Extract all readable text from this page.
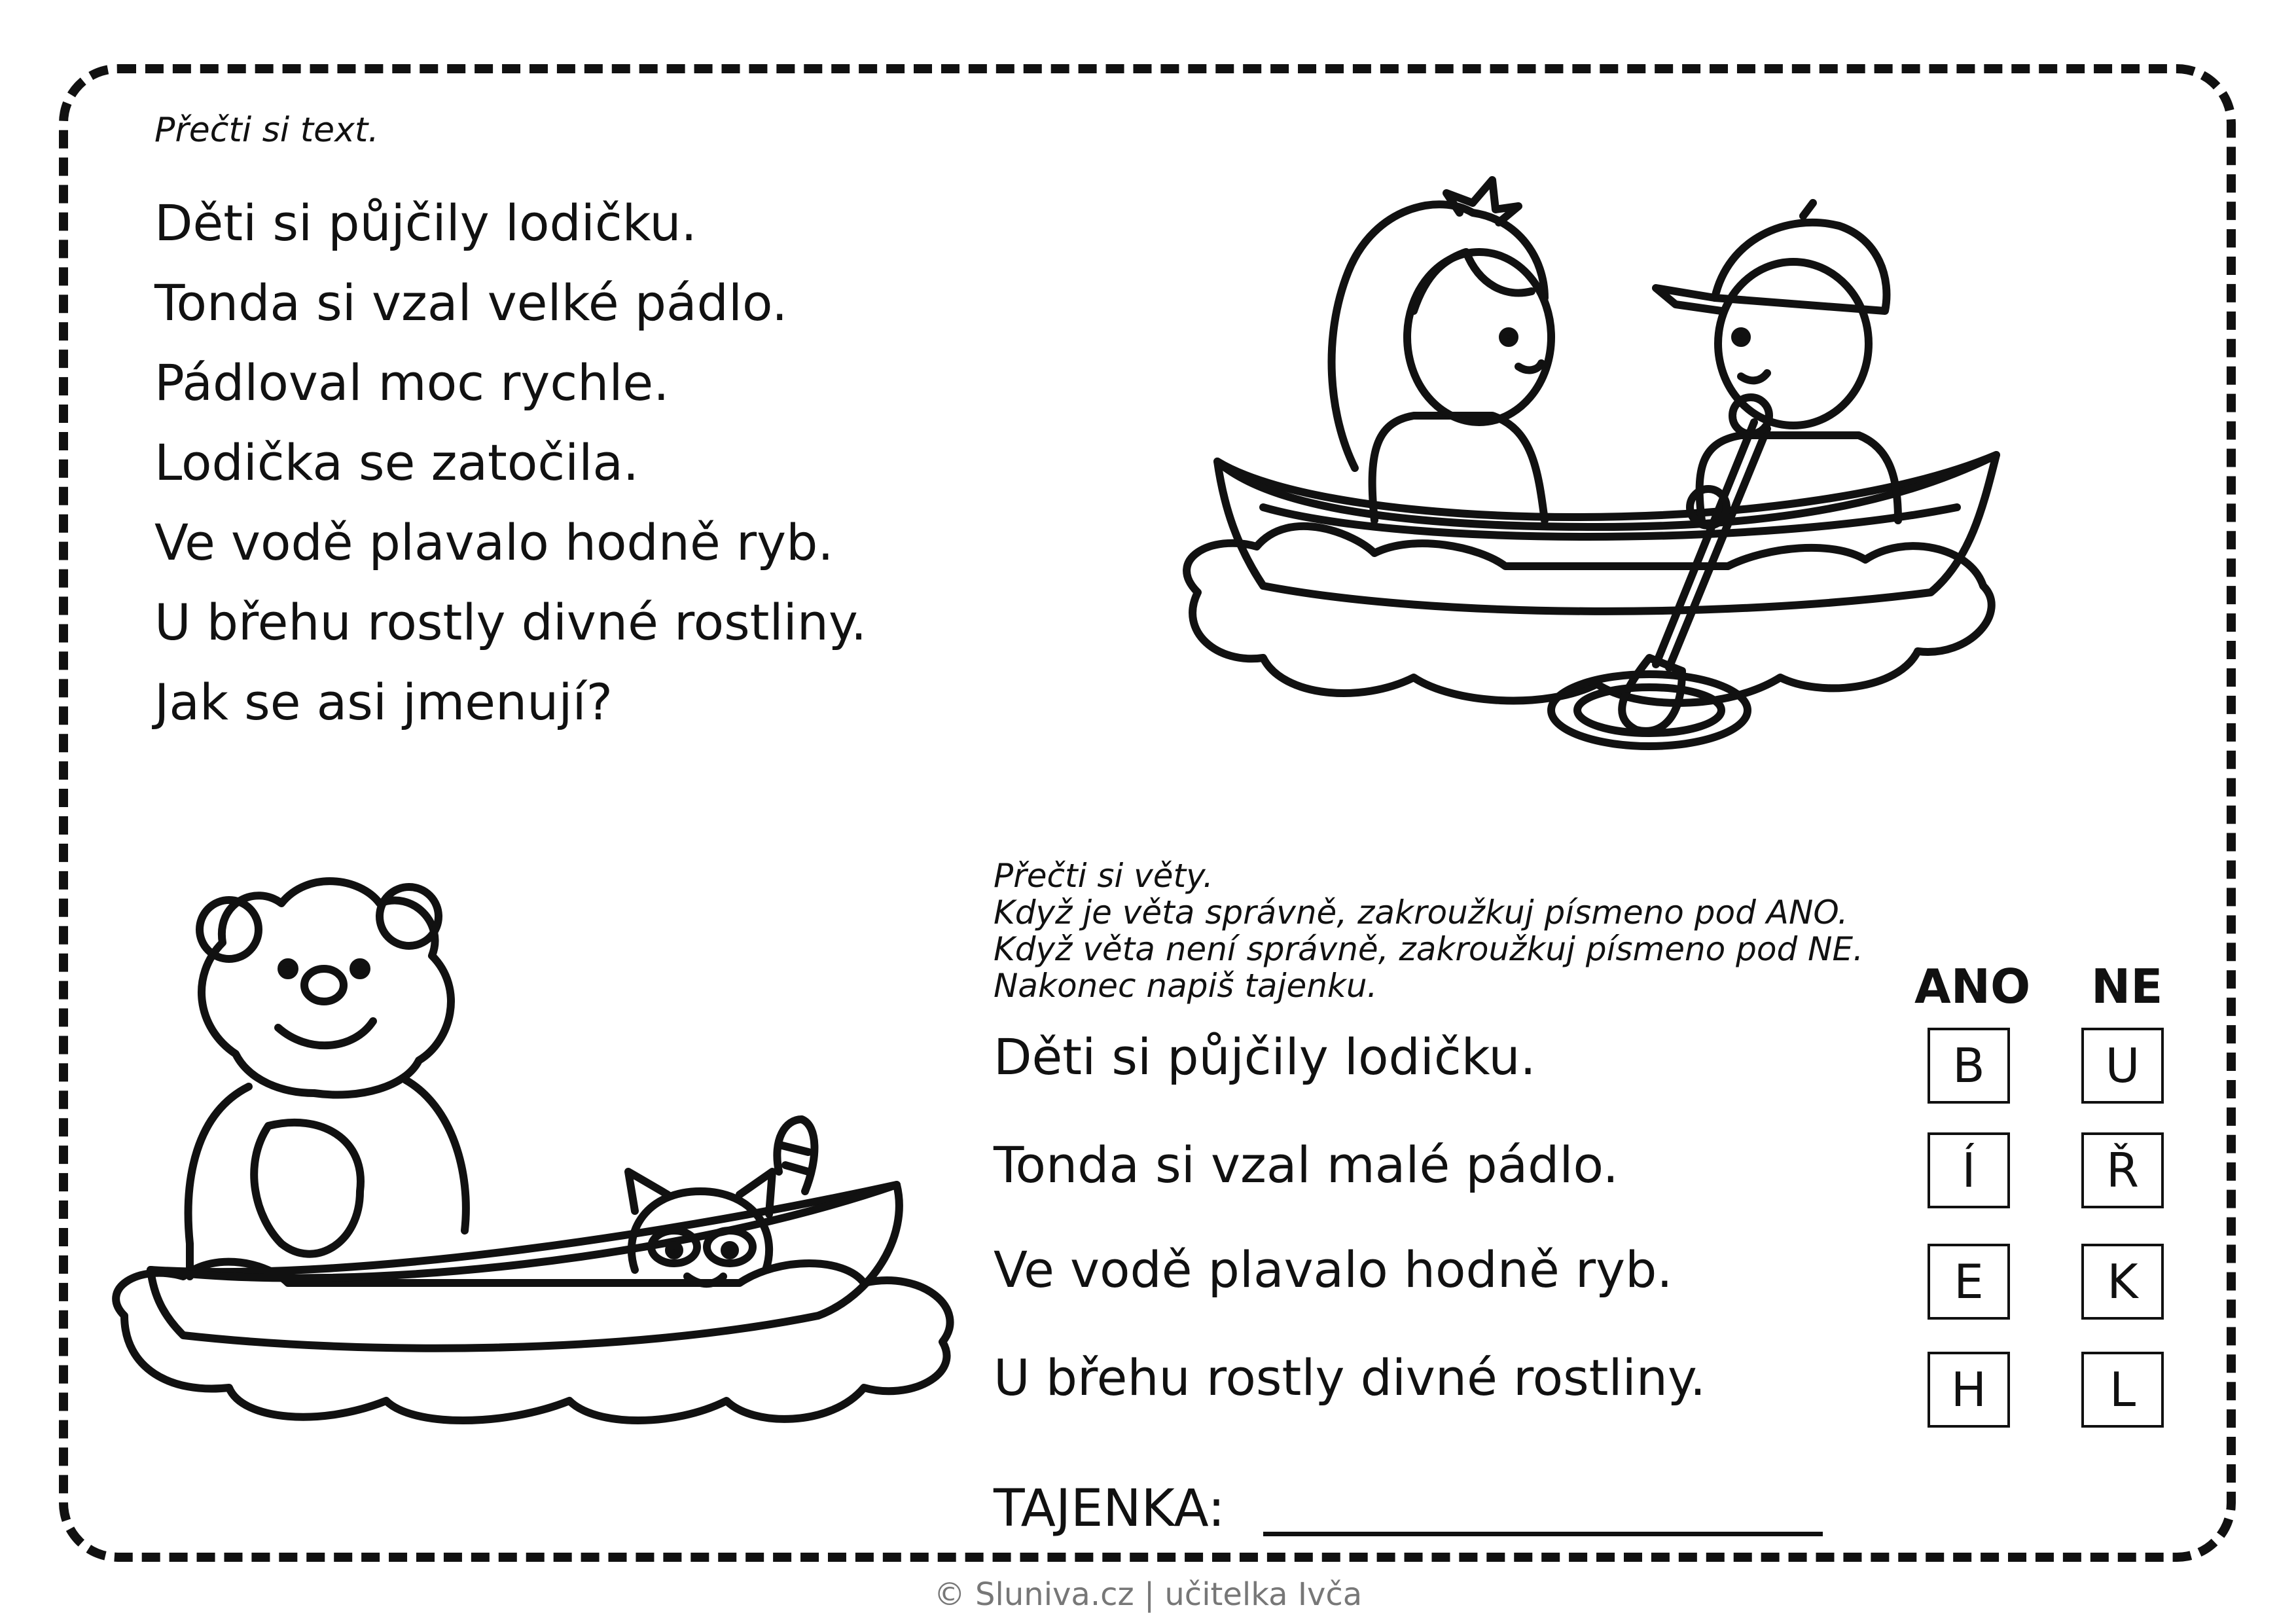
Přečti si text.
Děti si půjčily lodičku.
Tonda si vzal velké pádlo.
Pádloval moc rychle.
Lodička se zatočila.
Ve vodě plavalo hodně ryb.
U břehu rostly divné rostliny.
Jak se asi jmenují?
Přečti si věty.
Když je věta správně, zakroužkuj písmeno pod ANO.
Když věta není správně, zakroužkuj písmeno pod NE.
Nakonec napiš tajenku.	ANO NE
Děti si půjčily lodičku.	B	U
Tonda si vzal malé pádlo.	Í	Ř
Ve vodě plavalo hodně ryb.	E	K
U břehu rostly divné rostliny.	H	L
TAJENKA:
© Sluniva.cz | učitelka Ivča
